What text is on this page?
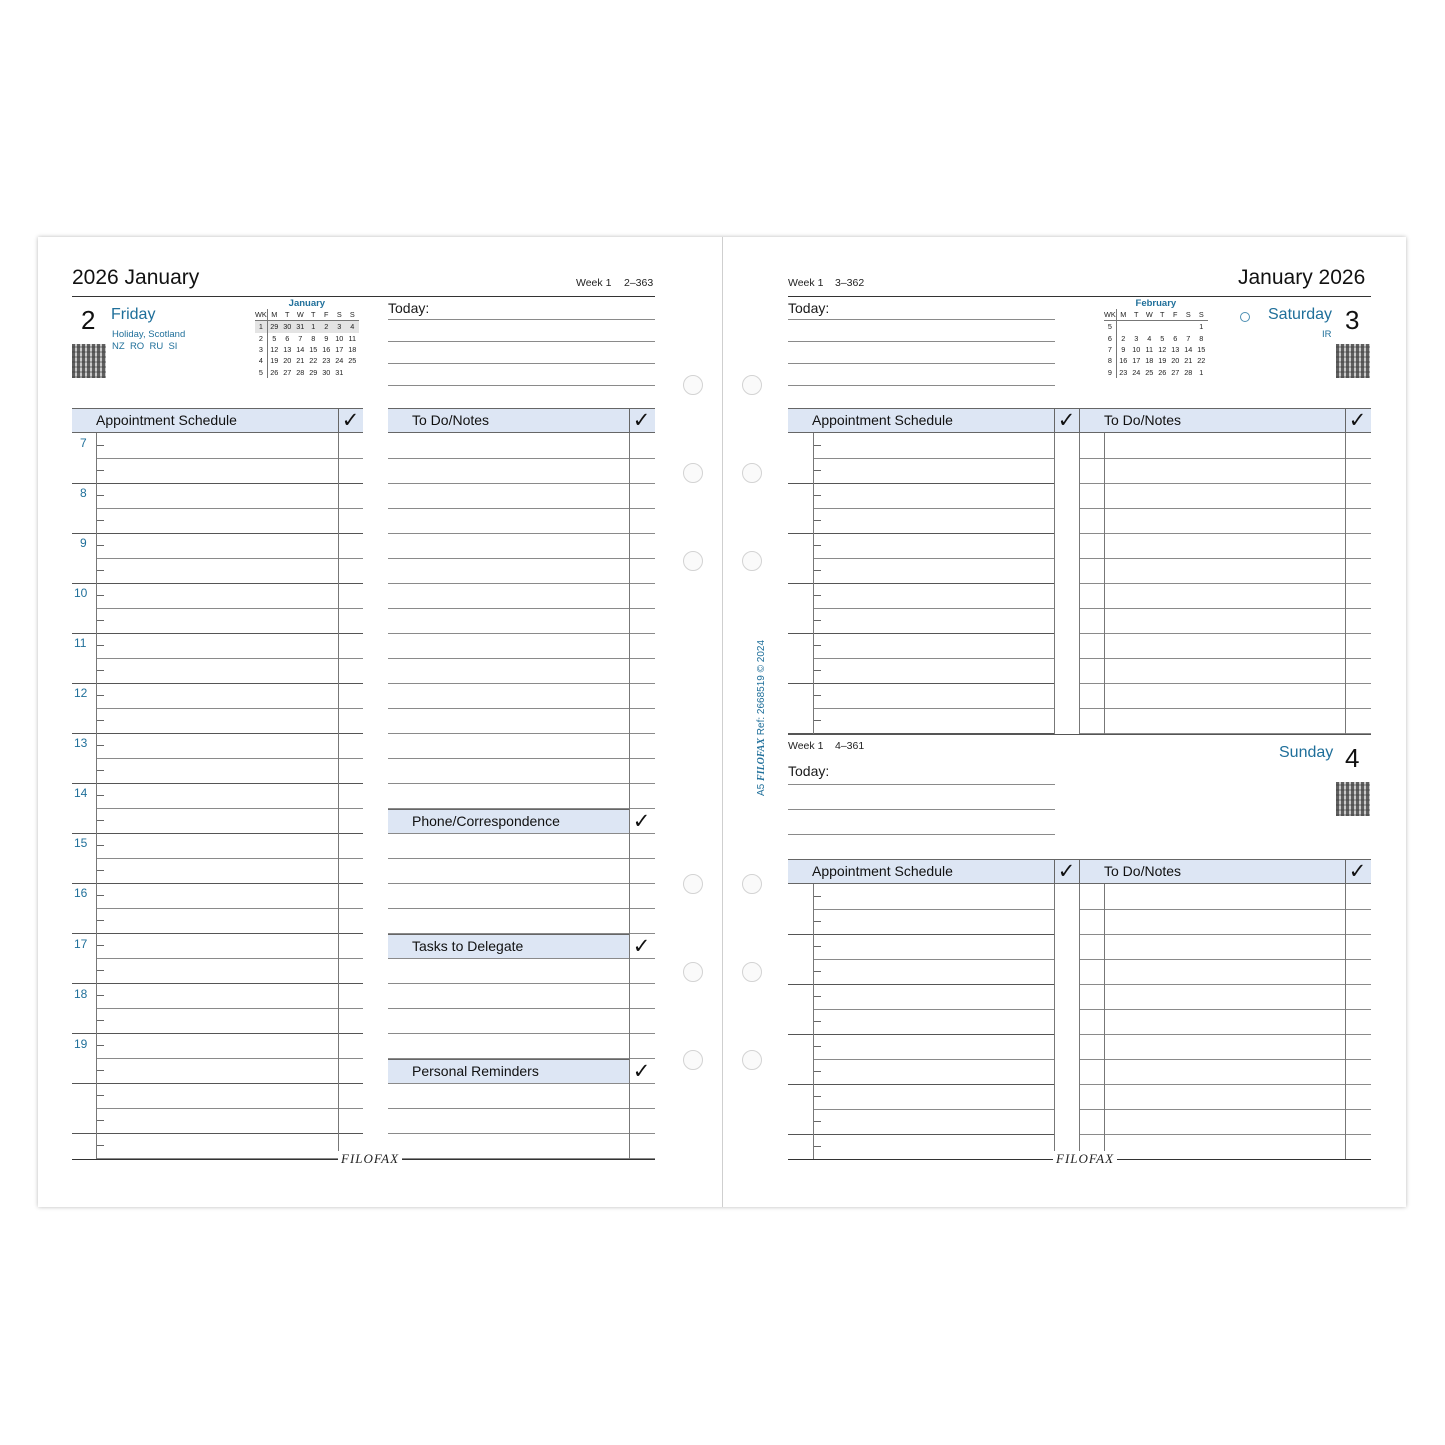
2026 January	Week 1 2–363
2 Friday
Holiday, Scotland
NZ  RO  RU  SI
January
WK	M	T	W	T	F	S	S
1	29	30	31	1	2	3	4
2	5	6	7	8	9	10	11
3	12	13	14	15	16	17	18
4	19	20	21	22	23	24	25
5	26	27	28	29	30	31	
Today:
Appointment Schedule	✓
7
8
9
10
11
12
13
14
15
16
17
18
19
To Do/Notes	✓
Phone/Correspondence	✓
Tasks to Delegate	✓
Personal Reminders	✓
FILOFAX
A5 FILOFAX Ref: 2668519 © 2024
Week 1 3–362	January 2026
Today:	February
WK	M	T	W	T	F	S	S
5							1
6	2	3	4	5	6	7	8
7	9	10	11	12	13	14	15
8	16	17	18	19	20	21	22
9	23	24	25	26	27	28	1
Saturday 3
IR
Appointment Schedule	✓	To Do/Notes	✓
Week 1 4–361
Today:
Sunday 4
Appointment Schedule	✓	To Do/Notes	✓
FILOFAX
